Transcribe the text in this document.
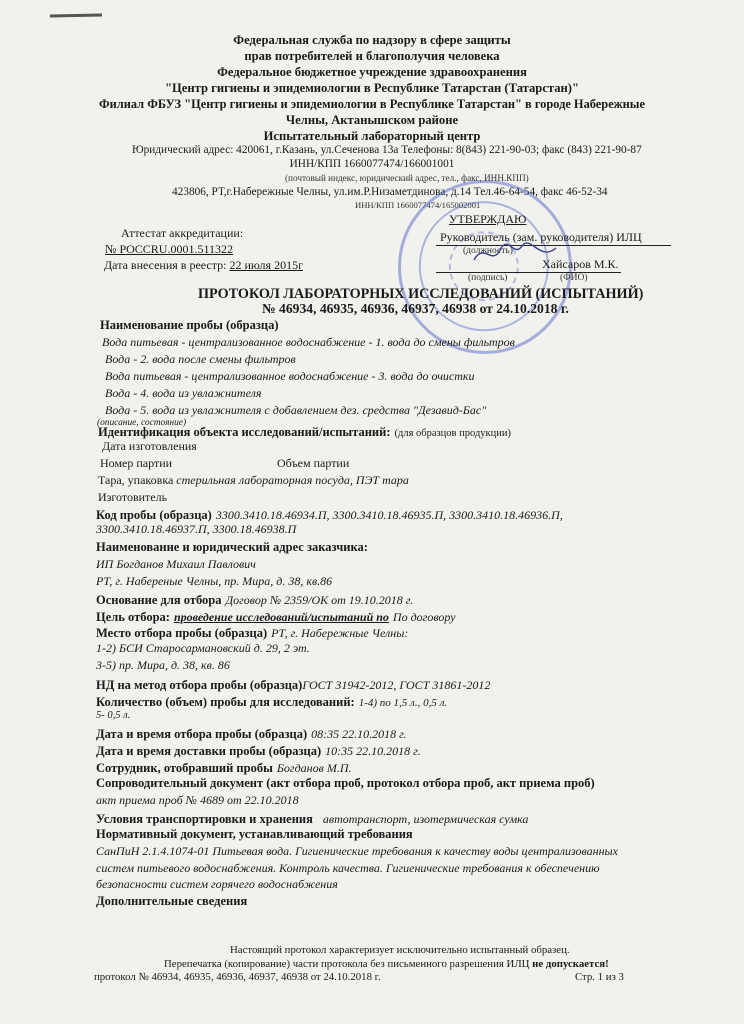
Федеральная служба по надзору в сфере защиты
прав потребителей и благополучия человека
Федеральное бюджетное учреждение здравоохранения
"Центр гигиены и эпидемиологии в Республике Татарстан (Татарстан)"
Филиал ФБУЗ "Центр гигиены и эпидемиологии в Республике Татарстан" в городе Набережные
Челны, Актанышском районе
Испытательный лабораторный центр
Юридический адрес: 420061, г.Казань, ул.Сеченова 13а Телефоны: 8(843) 221-90-03; факс (843) 221-90-87
ИНН/КПП 1660077474/166001001
(почтовый индекс, юридический адрес, тел., факс, ИНН.КПП)
423806, РТ,г.Набережные Челны, ул.им.Р.Низаметдинова, д.14 Тел.46-64-54, факс 46-52-34
ИНН/КПП 1660077474/165002001
Аттестат аккредитации:
№ POCCRU.0001.511322
Дата внесения в реестр: 22 июля 2015г
УТВЕРЖДАЮ
Руководитель (зам. руководителя) ИЛЦ
(должность)
Хайсаров М.К.
(подпись)	(ФИО)
ПРОТОКОЛ ЛАБОРАТОРНЫХ ИССЛЕДОВАНИЙ (ИСПЫТАНИЙ)
№ 46934, 46935, 46936, 46937, 46938 от 24.10.2018 г.
Наименование пробы (образца)
Вода питьевая - централизованное водоснабжение - 1. вода до смены фильтров
Вода - 2. вода после смены фильтров
Вода питьевая - централизованное водоснабжение - 3. вода до очистки
Вода - 4. вода из увлажнителя
Вода - 5. вода из увлажнителя с добавлением дез. средства "Дезавид-Бас"
(описание, состояние)
Идентификация объекта исследований/испытаний: (для образцов продукции)
Дата изготовления
Номер партии	Объем партии
Тара, упаковка стерильная лабораторная посуда, ПЭТ тара
Изготовитель
Код пробы (образца) 3300.3410.18.46934.П, 3300.3410.18.46935.П, 3300.3410.18.46936.П,
3300.3410.18.46937.П, 3300.18.46938.П
Наименование и юридический адрес заказчика:
ИП Богданов Михаил Павлович
РТ, г. Набереные Челны, пр. Мира, д. 38, кв.86
Основание для отбора Договор № 2359/ОК от 19.10.2018 г.
Цель отбора: проведение исследований/испытаний по По договору
Место отбора пробы (образца) РТ, г. Набережные Челны:
1-2) БСИ Старосармановский д. 29, 2 эт.
3-5) пр. Мира, д. 38, кв. 86
НД на метод отбора пробы (образца)ГОСТ 31942-2012, ГОСТ 31861-2012
Количество (объем) пробы для исследований: 1-4) по 1,5 л., 0,5 л.
5- 0,5 л.
Дата и время отбора пробы (образца) 08:35 22.10.2018 г.
Дата и время доставки пробы (образца) 10:35 22.10.2018 г.
Сотрудник, отобравший пробы Богданов М.П.
Сопроводительный документ (акт отбора проб, протокол отбора проб, акт приема проб)
акт приема проб № 4689 от 22.10.2018
Условия транспортировки и хранения автотранспорт, изотермическая сумка
Нормативный документ, устанавливающий требования
СанПиН 2.1.4.1074-01 Питьевая вода. Гигиенические требования к качеству воды централизованных
систем питьевого водоснабжения. Контроль качества. Гигиенические требования к обеспечению
безопасности систем горячего водоснабжения
Дополнительные сведения
Настоящий протокол характеризует исключительно испытанный образец.
Перепечатка (копирование) части протокола без письменного разрешения ИЛЦ не допускается!
протокол № 46934, 46935, 46936, 46937, 46938 от 24.10.2018 г.	Стр. 1 из 3
